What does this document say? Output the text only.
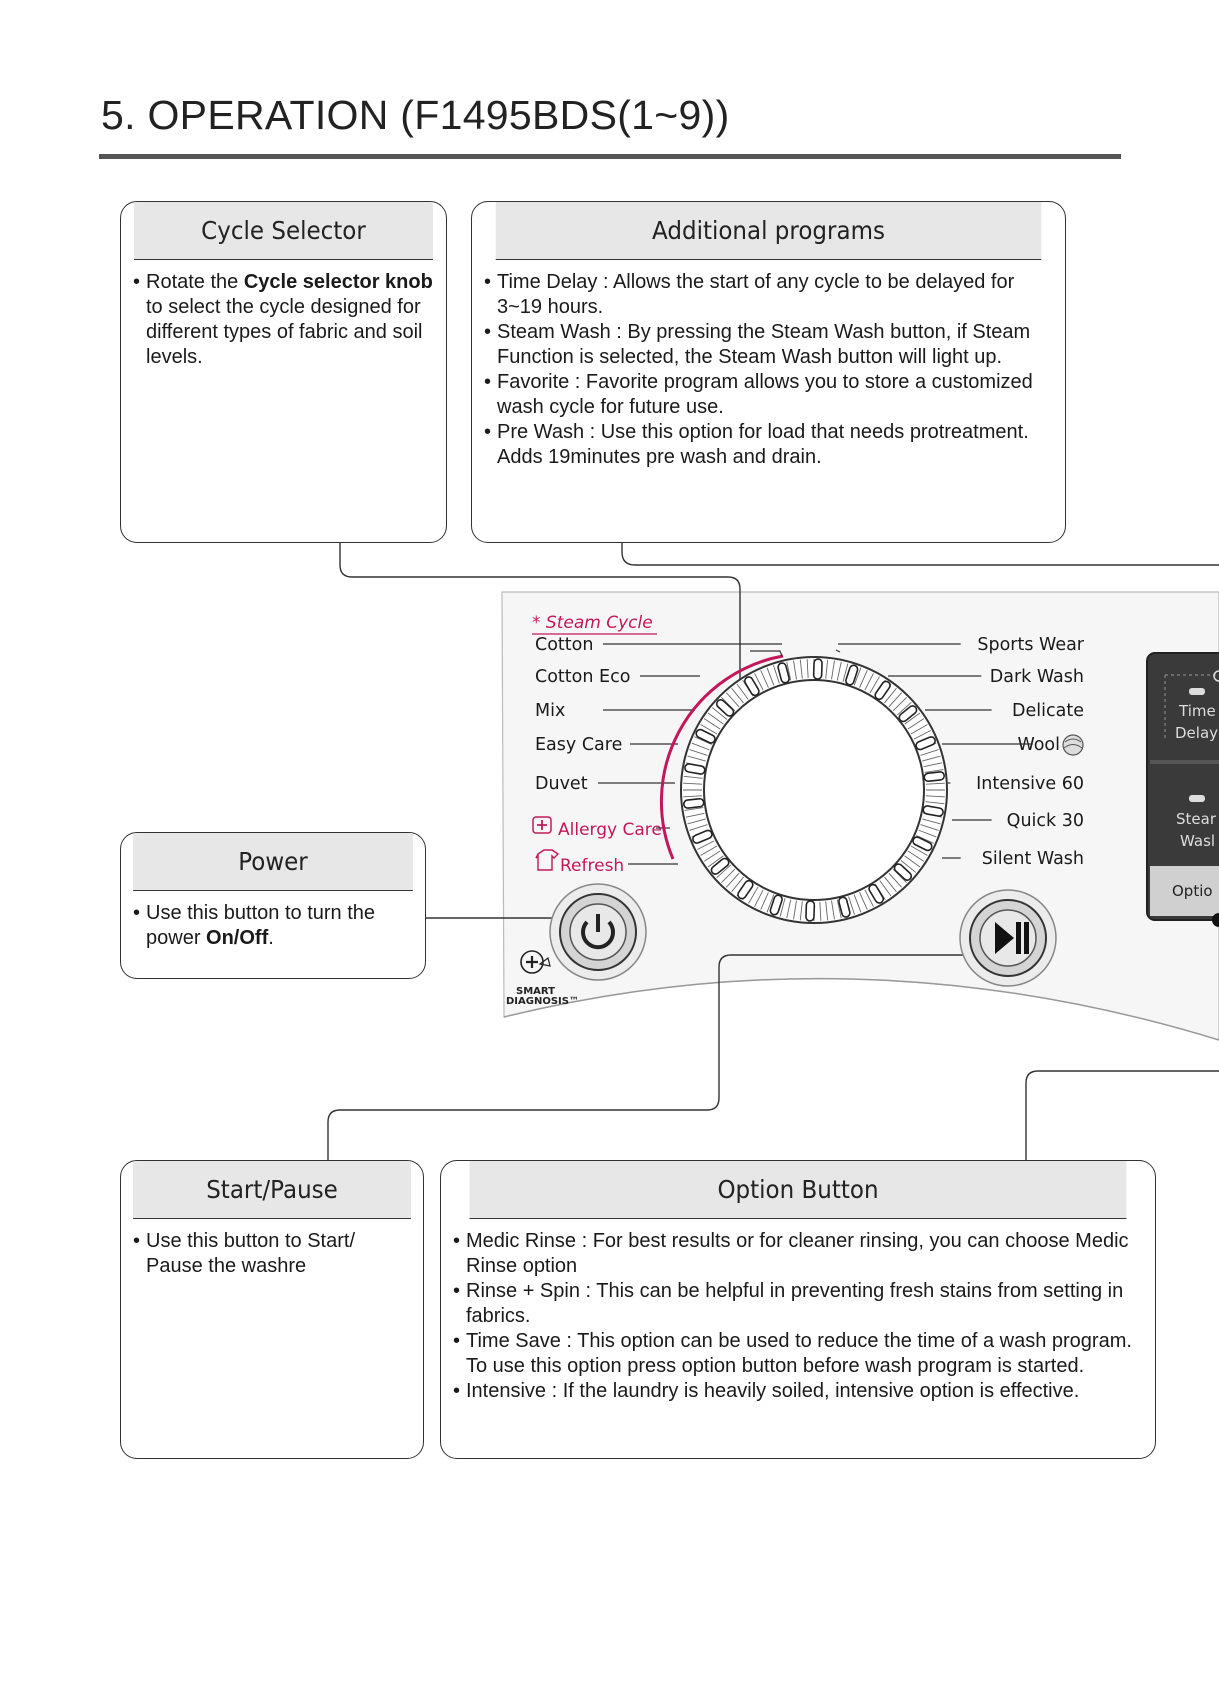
5. OPERATION (F1495BDS(1~9))
* Steam Cycle
Cotton
Cotton Eco
Mix
Easy Care
Duvet
Sports Wear
Dark Wash
Delicate
Wool
Intensive 60
Quick 30
Silent Wash
Allergy Care
Refresh
SMART
DIAGNOSIS™
Time
Delay
Stear
Wasl
Optio
Cycle Selector
• Rotate the Cycle selector knob to select the cycle designed for different types of fabric and soil levels.
Additional programs
• Time Delay : Allows the start of any cycle to be delayed for 3~19 hours.
• Steam Wash : By pressing the Steam Wash button, if Steam Function is selected, the Steam Wash button will light up.
• Favorite : Favorite program allows you to store a customized wash cycle for future use.
• Pre Wash : Use this option for load that needs protreatment. Adds 19minutes pre wash and drain.
Power
• Use this button to turn the power On/Off.
Start/Pause
• Use this button to Start/ Pause the washre
Option Button
• Medic Rinse : For best results or for cleaner rinsing, you can choose Medic Rinse option
• Rinse + Spin : This can be helpful in preventing fresh stains from setting in fabrics.
• Time Save : This option can be used to reduce the time of a wash program. To use this option press option button before wash program is started.
• Intensive : If the laundry is heavily soiled, intensive option is effective.
